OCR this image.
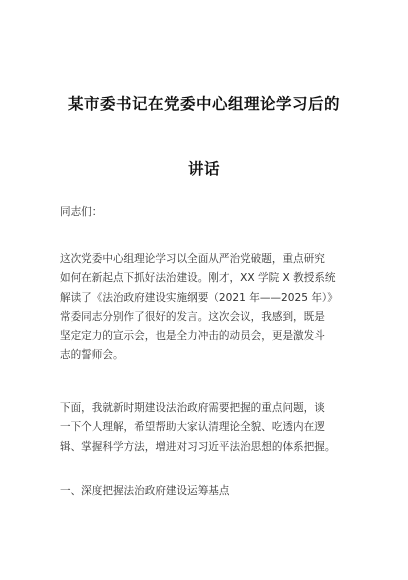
某市委书记在党委中心组理论学习后的
讲话
同志们：
这次党委中心组理论学习以全面从严治党破题，重点研究
如何在新起点下抓好法治建设。刚才，XX 学院 X 教授系统
解读了《法治政府建设实施纲要（2021 年——2025 年）》
常委同志分别作了很好的发言。这次会议，我感到，既是
坚定定力的宣示会，也是全力冲击的动员会，更是激发斗
志的誓师会。
下面，我就新时期建设法治政府需要把握的重点问题，谈
一下个人理解，希望帮助大家认清理论全貌、吃透内在逻
辑、掌握科学方法，增进对习习近平法治思想的体系把握。
一、深度把握法治政府建设运筹基点
